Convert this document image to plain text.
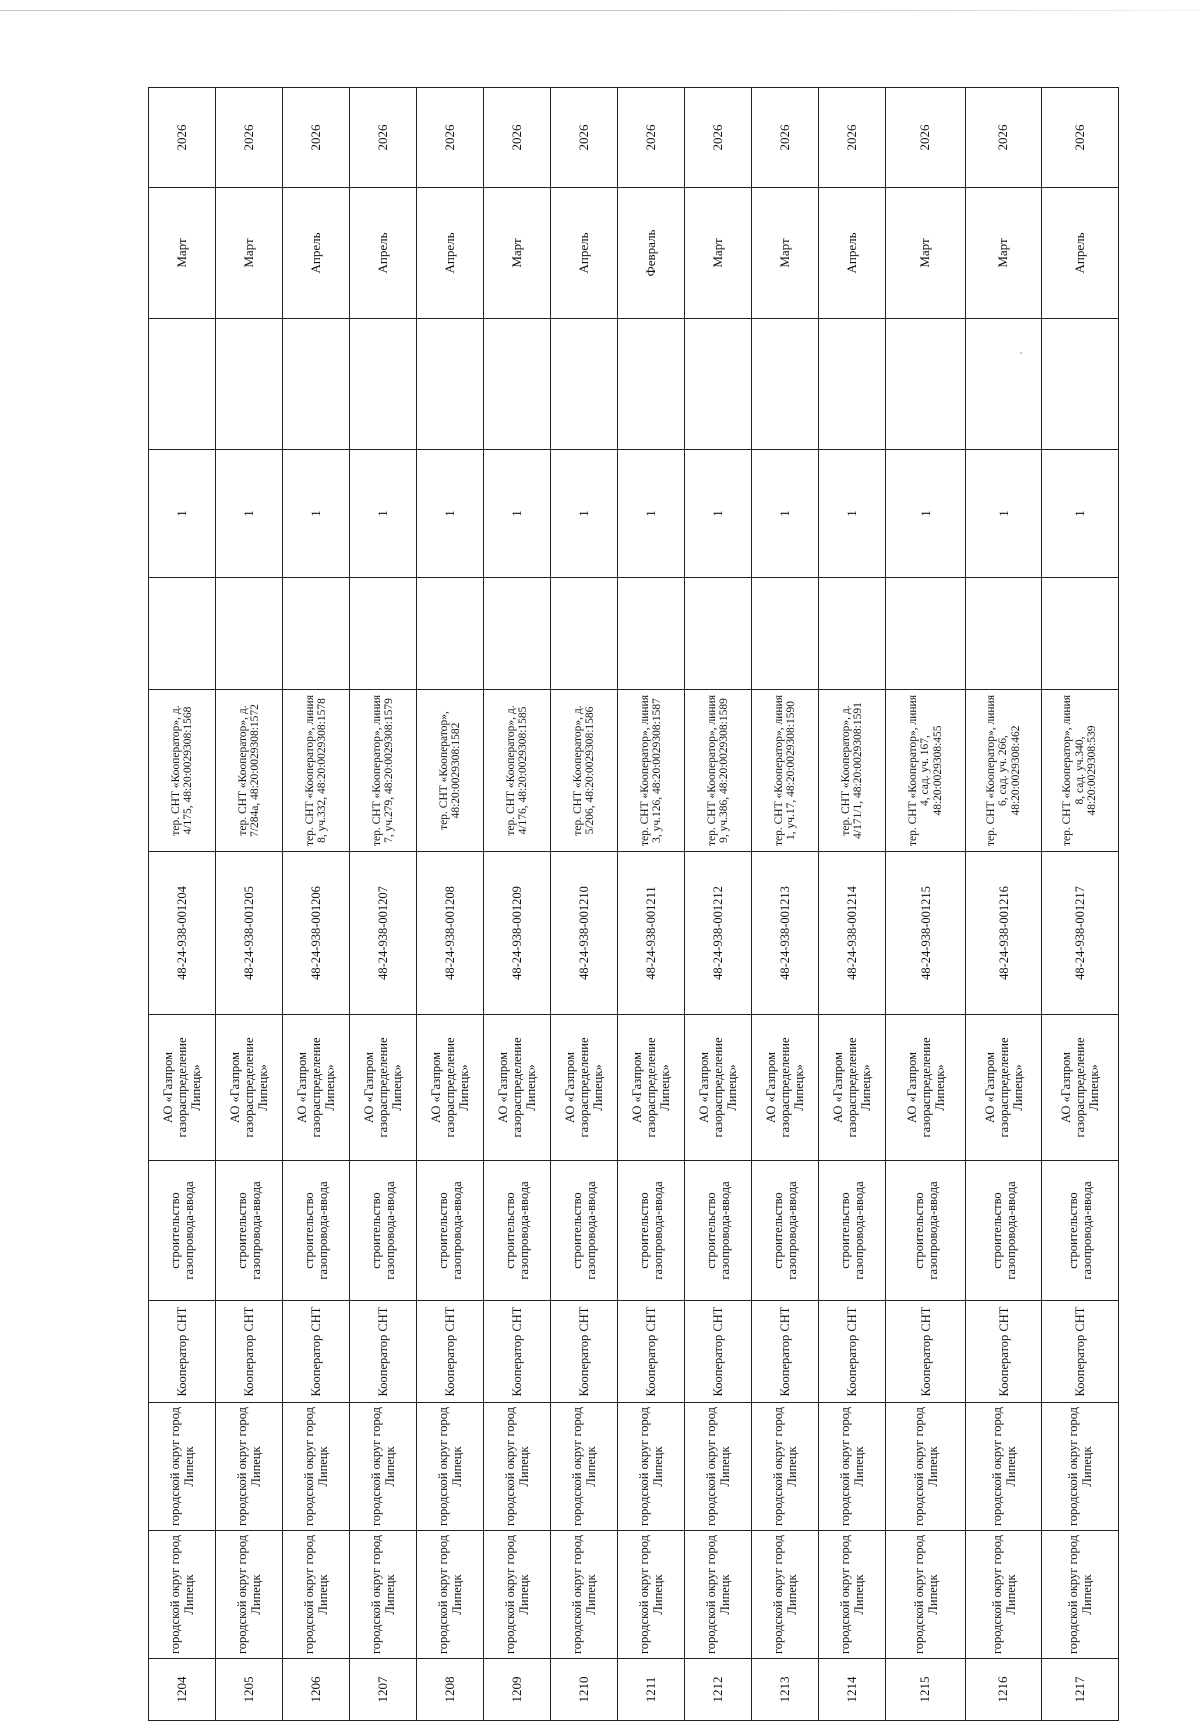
1204	городской округ город Липецк	городской округ город Липецк	Кооператор СНТ	строительство газопровода-ввода	АО «Газпром газораспределение Липецк»	48-24-938-001204	тер. СНТ «Кооператор», д. 4/175, 48:20:0029308:1568		1		Март	2026
1205	городской округ город Липецк	городской округ город Липецк	Кооператор СНТ	строительство газопровода-ввода	АО «Газпром газораспределение Липецк»	48-24-938-001205	тер. СНТ «Кооператор», д. 7/284а, 48:20:0029308:1572		1		Март	2026
1206	городской округ город Липецк	городской округ город Липецк	Кооператор СНТ	строительство газопровода-ввода	АО «Газпром газораспределение Липецк»	48-24-938-001206	тер. СНТ «Кооператор», линия 8, уч.332, 48:20:0029308:1578		1		Апрель	2026
1207	городской округ город Липецк	городской округ город Липецк	Кооператор СНТ	строительство газопровода-ввода	АО «Газпром газораспределение Липецк»	48-24-938-001207	тер. СНТ «Кооператор», линия 7, уч.279, 48:20:0029308:1579		1		Апрель	2026
1208	городской округ город Липецк	городской округ город Липецк	Кооператор СНТ	строительство газопровода-ввода	АО «Газпром газораспределение Липецк»	48-24-938-001208	тер. СНТ «Кооператор», 48:20:0029308:1582		1		Апрель	2026
1209	городской округ город Липецк	городской округ город Липецк	Кооператор СНТ	строительство газопровода-ввода	АО «Газпром газораспределение Липецк»	48-24-938-001209	тер. СНТ «Кооператор», д. 4/176, 48:20:0029308:1585		1		Март	2026
1210	городской округ город Липецк	городской округ город Липецк	Кооператор СНТ	строительство газопровода-ввода	АО «Газпром газораспределение Липецк»	48-24-938-001210	тер. СНТ «Кооператор», д. 5/206, 48:20:0029308:1586		1		Апрель	2026
1211	городской округ город Липецк	городской округ город Липецк	Кооператор СНТ	строительство газопровода-ввода	АО «Газпром газораспределение Липецк»	48-24-938-001211	тер. СНТ «Кооператор», линия 3, уч.126, 48:20:0029308:1587		1		Февраль	2026
1212	городской округ город Липецк	городской округ город Липецк	Кооператор СНТ	строительство газопровода-ввода	АО «Газпром газораспределение Липецк»	48-24-938-001212	тер. СНТ «Кооператор», линия 9, уч.386, 48:20:0029308:1589		1		Март	2026
1213	городской округ город Липецк	городской округ город Липецк	Кооператор СНТ	строительство газопровода-ввода	АО «Газпром газораспределение Липецк»	48-24-938-001213	тер. СНТ «Кооператор», линия 1, уч.17, 48:20:0029308:1590		1		Март	2026
1214	городской округ город Липецк	городской округ город Липецк	Кооператор СНТ	строительство газопровода-ввода	АО «Газпром газораспределение Липецк»	48-24-938-001214	тер. СНТ «Кооператор», д. 4/171/1, 48:20:0029308:1591		1		Апрель	2026
1215	городской округ город Липецк	городской округ город Липецк	Кооператор СНТ	строительство газопровода-ввода	АО «Газпром газораспределение Липецк»	48-24-938-001215	тер. СНТ «Кооператор», линия 4, сад. уч. 167, 48:20:0029308:455		1		Март	2026
1216	городской округ город Липецк	городской округ город Липецк	Кооператор СНТ	строительство газопровода-ввода	АО «Газпром газораспределение Липецк»	48-24-938-001216	тер. СНТ «Кооператор», линия 6, сад. уч. 266, 48:20:0029308:462		1		Март	2026
1217	городской округ город Липецк	городской округ город Липецк	Кооператор СНТ	строительство газопровода-ввода	АО «Газпром газораспределение Липецк»	48-24-938-001217	тер. СНТ «Кооператор», линия 8, сад. уч.340, 48:20:0029308:539		1		Апрель	2026
